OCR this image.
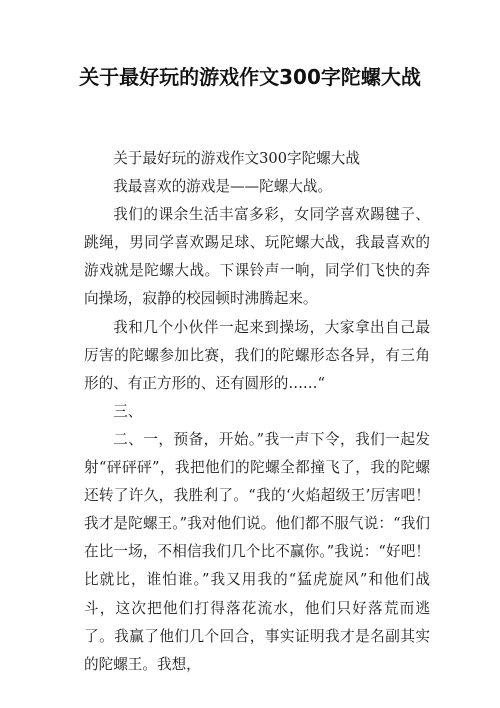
关于最好玩的游戏作文300字陀螺大战

关于最好玩的游戏作文300字陀螺大战

我最喜欢的游戏是——陀螺大战。

我们的课余生活丰富多彩，女同学喜欢踢毽子、跳绳，男同学喜欢踢足球、玩陀螺大战，我最喜欢的游戏就是陀螺大战。下课铃声一响，同学们飞快的奔向操场，寂静的校园顿时沸腾起来。

我和几个小伙伴一起来到操场，大家拿出自己最厉害的陀螺参加比赛，我们的陀螺形态各异，有三角形的、有正方形的、还有圆形的……“

三、

二、一，预备，开始。”我一声下令，我们一起发射“砰砰砰”，我把他们的陀螺全都撞飞了，我的陀螺还转了许久，我胜利了。“我的‘火焰超级王’厉害吧！我才是陀螺王。”我对他们说。他们都不服气说：“我们在比一场，不相信我们几个比不赢你。”我说：“好吧！比就比，谁怕谁。”我又用我的“猛虎旋风”和他们战斗，这次把他们打得落花流水，他们只好落荒而逃了。我赢了他们几个回合，事实证明我才是名副其实的陀螺王。我想，
